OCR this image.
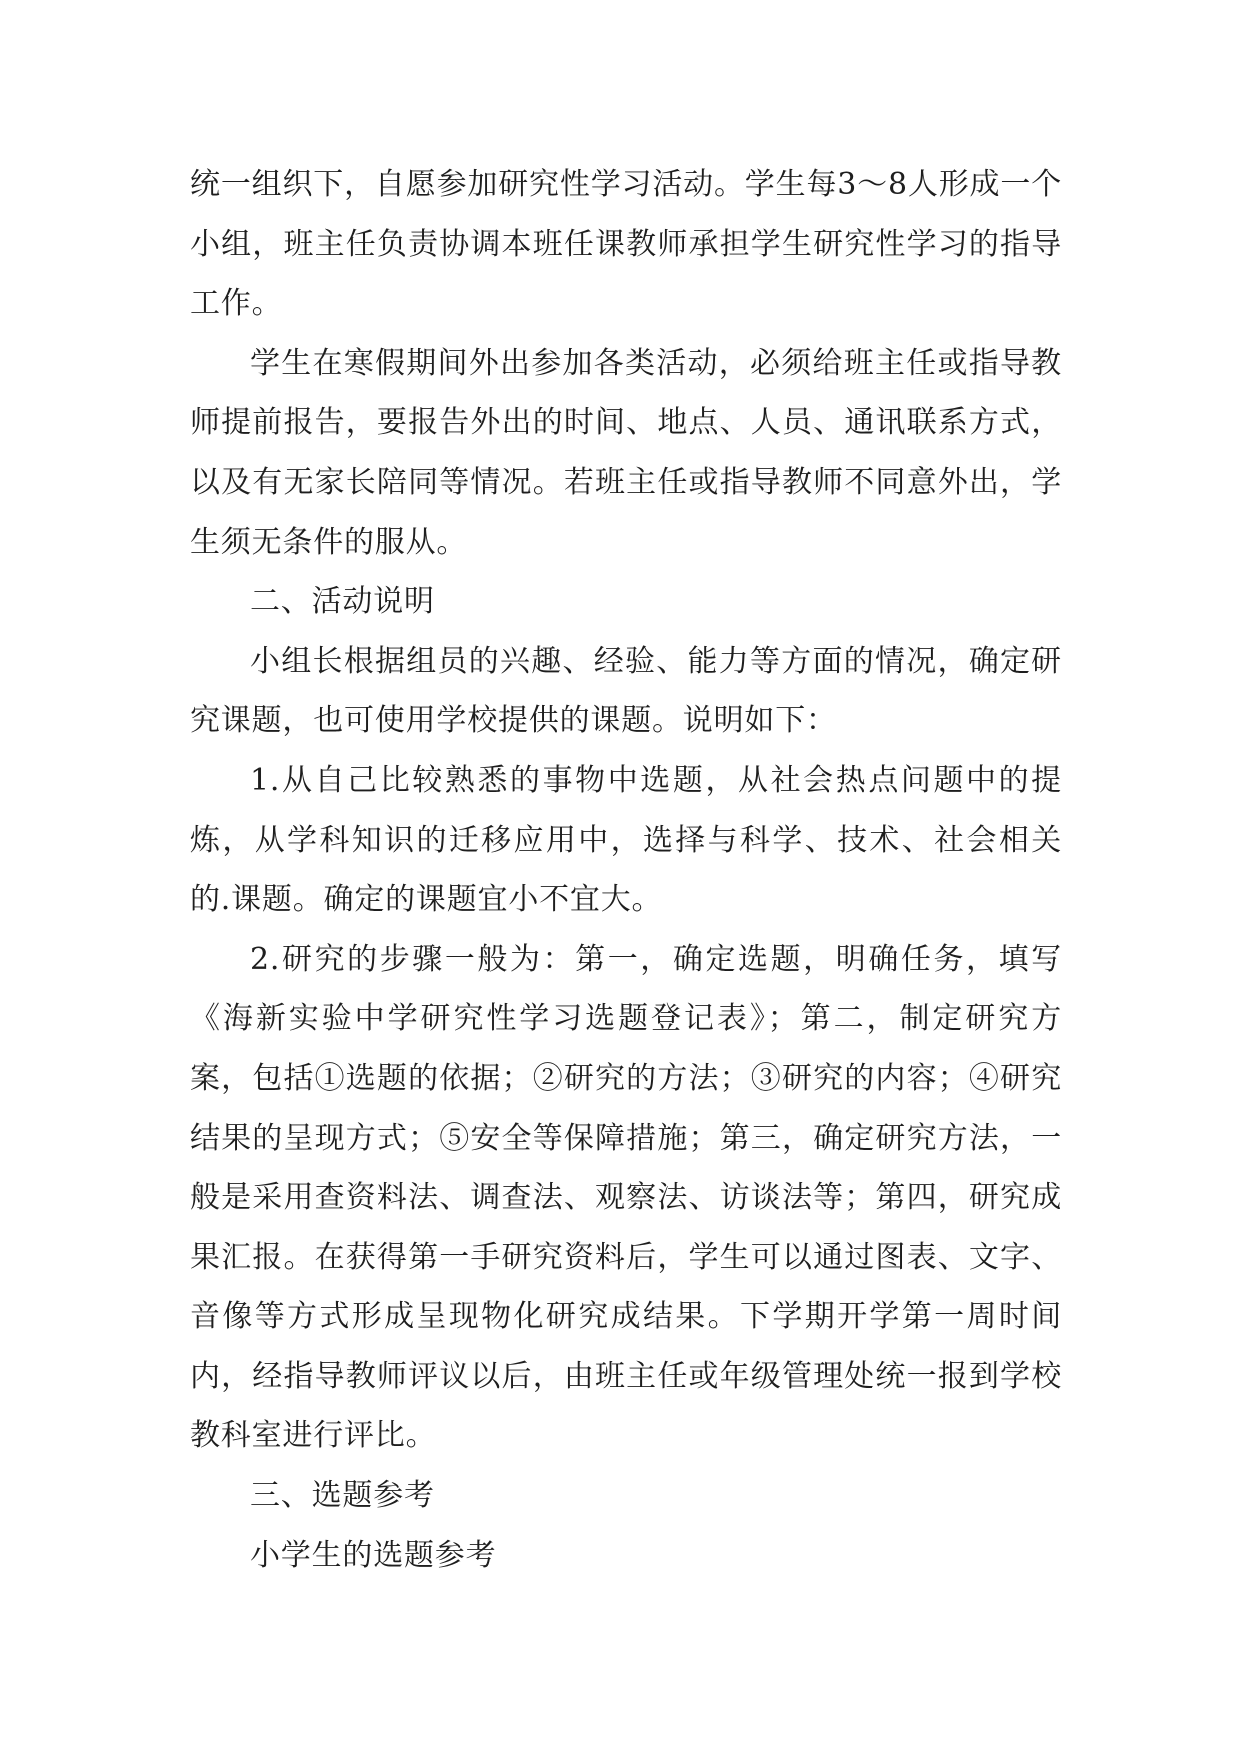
统一组织下，自愿参加研究性学习活动。学生每3～8人形成一个小组，班主任负责协调本班任课教师承担学生研究性学习的指导工作。

学生在寒假期间外出参加各类活动，必须给班主任或指导教师提前报告，要报告外出的时间、地点、人员、通讯联系方式，以及有无家长陪同等情况。若班主任或指导教师不同意外出，学生须无条件的服从。

二、活动说明

小组长根据组员的兴趣、经验、能力等方面的情况，确定研究课题，也可使用学校提供的课题。说明如下：

1.从自己比较熟悉的事物中选题，从社会热点问题中的提炼，从学科知识的迁移应用中，选择与科学、技术、社会相关的.课题。确定的课题宜小不宜大。

2.研究的步骤一般为：第一，确定选题，明确任务，填写《海新实验中学研究性学习选题登记表》；第二，制定研究方案，包括①选题的依据；②研究的方法；③研究的内容；④研究结果的呈现方式；⑤安全等保障措施；第三，确定研究方法，一般是采用查资料法、调查法、观察法、访谈法等；第四，研究成果汇报。在获得第一手研究资料后，学生可以通过图表、文字、音像等方式形成呈现物化研究成结果。下学期开学第一周时间内，经指导教师评议以后，由班主任或年级管理处统一报到学校教科室进行评比。

三、选题参考

小学生的选题参考
